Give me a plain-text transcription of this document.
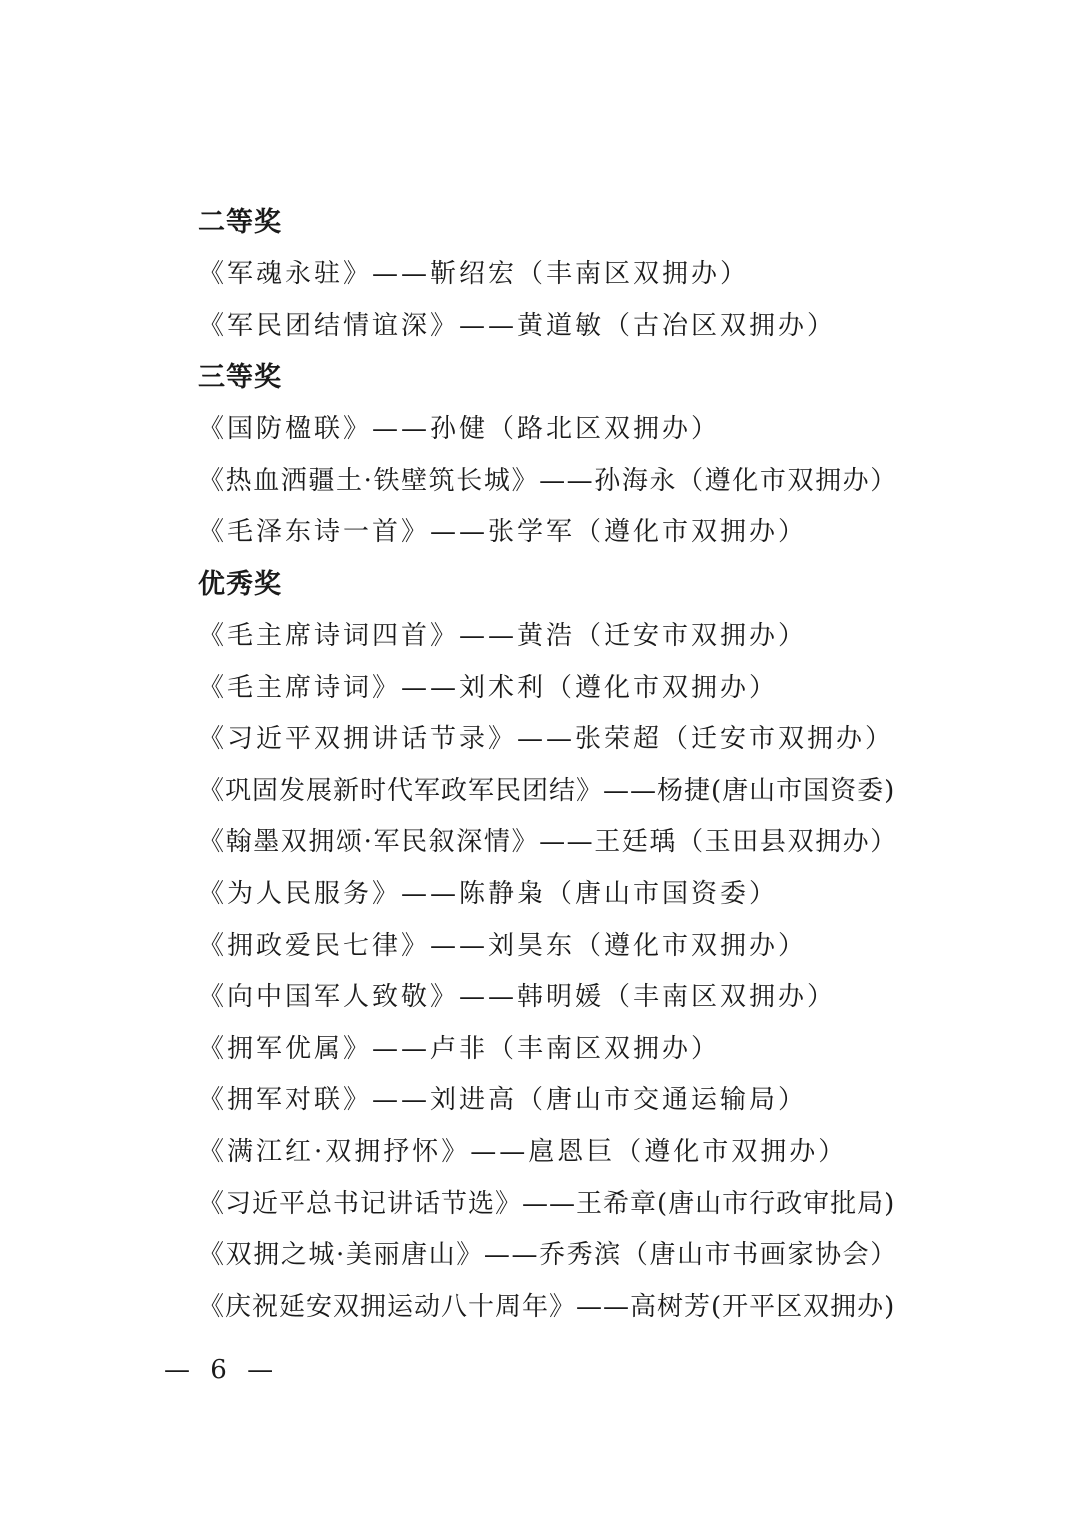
二等奖
《军魂永驻》——靳绍宏（丰南区双拥办）
《军民团结情谊深》——黄道敏（古冶区双拥办）
三等奖
《国防楹联》——孙健（路北区双拥办）
《热血洒疆土·铁壁筑长城》——孙海永（遵化市双拥办）
《毛泽东诗一首》——张学军（遵化市双拥办）
优秀奖
《毛主席诗词四首》——黄浩（迁安市双拥办）
《毛主席诗词》——刘术利（遵化市双拥办）
《习近平双拥讲话节录》——张荣超（迁安市双拥办）
《巩固发展新时代军政军民团结》——杨捷(唐山市国资委)
《翰墨双拥颂·军民叙深情》——王廷瑀（玉田县双拥办）
《为人民服务》——陈静枭（唐山市国资委）
《拥政爱民七律》——刘昊东（遵化市双拥办）
《向中国军人致敬》——韩明媛（丰南区双拥办）
《拥军优属》——卢非（丰南区双拥办）
《拥军对联》——刘进高（唐山市交通运输局）
《满江红·双拥抒怀》——扈恩巨（遵化市双拥办）
《习近平总书记讲话节选》——王希章(唐山市行政审批局)
《双拥之城·美丽唐山》——乔秀滨（唐山市书画家协会）
《庆祝延安双拥运动八十周年》——高树芳(开平区双拥办)
— 6 —
